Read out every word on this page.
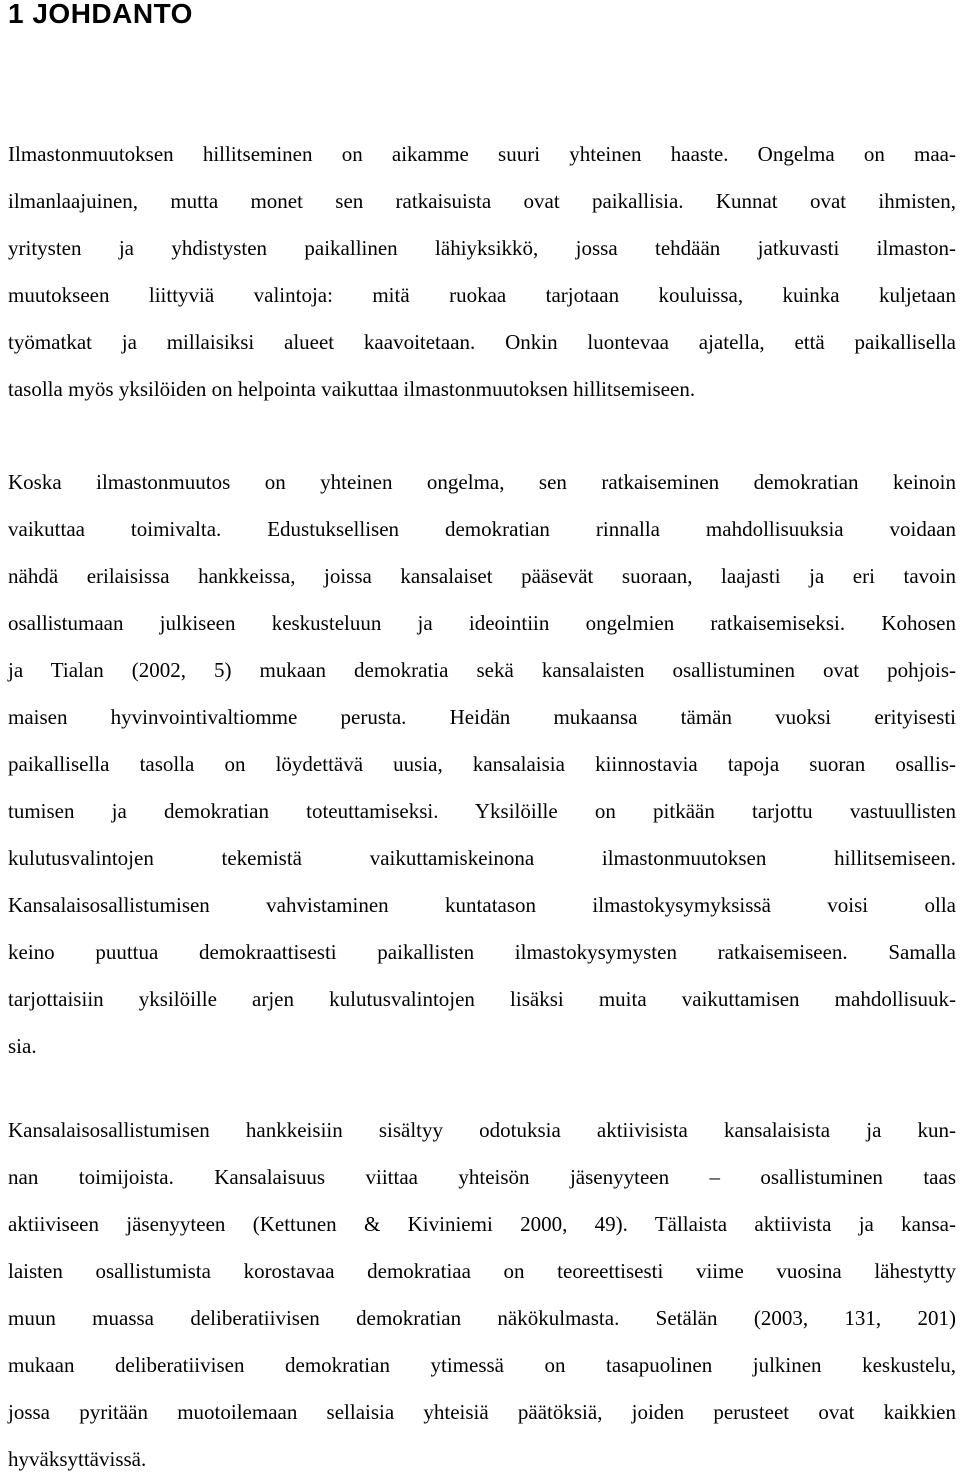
1 JOHDANTO
Ilmastonmuutoksen hillitseminen on aikamme suuri yhteinen haaste. Ongelma on maa-
ilmanlaajuinen, mutta monet sen ratkaisuista ovat paikallisia. Kunnat ovat ihmisten,
yritysten ja yhdistysten paikallinen lähiyksikkö, jossa tehdään jatkuvasti ilmaston-
muutokseen liittyviä valintoja: mitä ruokaa tarjotaan kouluissa, kuinka kuljetaan
työmatkat ja millaisiksi alueet kaavoitetaan. Onkin luontevaa ajatella, että paikallisella
tasolla myös yksilöiden on helpointa vaikuttaa ilmastonmuutoksen hillitsemiseen.
Koska ilmastonmuutos on yhteinen ongelma, sen ratkaiseminen demokratian keinoin
vaikuttaa toimivalta. Edustuksellisen demokratian rinnalla mahdollisuuksia voidaan
nähdä erilaisissa hankkeissa, joissa kansalaiset pääsevät suoraan, laajasti ja eri tavoin
osallistumaan julkiseen keskusteluun ja ideointiin ongelmien ratkaisemiseksi. Kohosen
ja Tialan (2002, 5) mukaan demokratia sekä kansalaisten osallistuminen ovat pohjois-
maisen hyvinvointivaltiomme perusta. Heidän mukaansa tämän vuoksi erityisesti
paikallisella tasolla on löydettävä uusia, kansalaisia kiinnostavia tapoja suoran osallis-
tumisen ja demokratian toteuttamiseksi. Yksilöille on pitkään tarjottu vastuullisten
kulutusvalintojen tekemistä vaikuttamiskeinona ilmastonmuutoksen hillitsemiseen.
Kansalaisosallistumisen vahvistaminen kuntatason ilmastokysymyksissä voisi olla
keino puuttua demokraattisesti paikallisten ilmastokysymysten ratkaisemiseen. Samalla
tarjottaisiin yksilöille arjen kulutusvalintojen lisäksi muita vaikuttamisen mahdollisuuk-
sia.
Kansalaisosallistumisen hankkeisiin sisältyy odotuksia aktiivisista kansalaisista ja kun-
nan toimijoista. Kansalaisuus viittaa yhteisön jäsenyyteen – osallistuminen taas
aktiiviseen jäsenyyteen (Kettunen & Kiviniemi 2000, 49). Tällaista aktiivista ja kansa-
laisten osallistumista korostavaa demokratiaa on teoreettisesti viime vuosina lähestytty
muun muassa deliberatiivisen demokratian näkökulmasta. Setälän (2003, 131, 201)
mukaan deliberatiivisen demokratian ytimessä on tasapuolinen julkinen keskustelu,
jossa pyritään muotoilemaan sellaisia yhteisiä päätöksiä, joiden perusteet ovat kaikkien
hyväksyttävissä.
